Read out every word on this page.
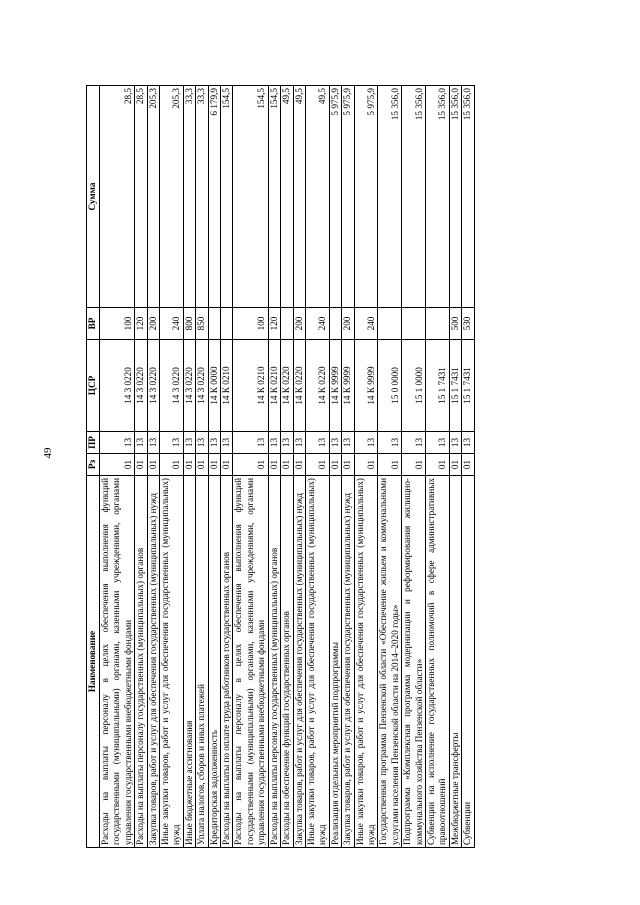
49
Наименование	Рз	ПР	ЦСР	ВР	Сумма
Расходы на выплаты персоналу в целях обеспечения выполнения функций государственными (муниципальными) органами, казенными учреждениями, органами управления государственными внебюджетными фондами	01	13	14 3 0220	100	28,5
Расходы на выплаты персоналу государственных (муниципальных) органов	01	13	14 3 0220	120	28,5
Закупка товаров, работ и услуг для обеспечения государственных (муниципальных) нужд	01	13	14 3 0220	200	205,3
Иные закупки товаров, работ и услуг для обеспечения государственных (муниципальных) нужд	01	13	14 3 0220	240	205,3
Иные бюджетные ассигнования	01	13	14 3 0220	800	33,3
Уплата налогов, сборов и иных платежей	01	13	14 3 0220	850	33,3
Кредиторская задолженность	01	13	14 К 0000		6 179,9
Расходы на выплаты по оплате труда работников государственных органов	01	13	14 К 0210		154,5
Расходы на выплаты персоналу в целях обеспечения выполнения функций государственными (муниципальными) органами, казенными учреждениями, органами управления государственными внебюджетными фондами	01	13	14 К 0210	100	154,5
Расходы на выплаты персоналу государственных (муниципальных) органов	01	13	14 К 0210	120	154,5
Расходы на обеспечение функций государственных органов	01	13	14 К 0220		49,5
Закупка товаров, работ и услуг для обеспечения государственных (муниципальных) нужд	01	13	14 К 0220	200	49,5
Иные закупки товаров, работ и услуг для обеспечения государственных (муниципальных) нужд	01	13	14 К 0220	240	49,5
Реализация отдельных мероприятий подпрограммы	01	13	14 К 9999		5 975,9
Закупка товаров, работ и услуг для обеспечения государственных (муниципальных) нужд	01	13	14 К 9999	200	5 975,9
Иные закупки товаров, работ и услуг для обеспечения государственных (муниципальных) нужд	01	13	14 К 9999	240	5 975,9
Государственная программа Пензенской области «Обеспечение жильем и коммунальными услугами населения Пензенской области на 2014–2020 годы»	01	13	15 0 0000		15 356,0
Подпрограмма «Комплексная программа модернизации и реформирования жилищно-коммунального хозяйства Пензенской области»	01	13	15 1 0000		15 356,0
Субвенции на исполнение государственных полномочий в сфере административных правоотношений	01	13	15 1 7431		15 356,0
Межбюджетные трансферты	01	13	15 1 7431	500	15 356,0
Субвенции	01	13	15 1 7431	530	15 356,0
